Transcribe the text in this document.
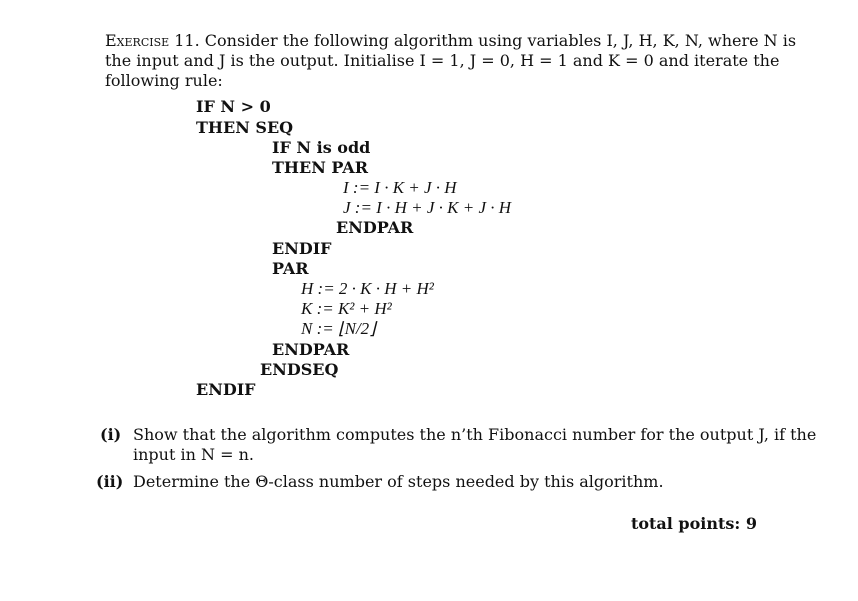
Exercise 11. Consider the following algorithm using variables I, J, H, K, N, where N is
the input and J is the output. Initialise I = 1, J = 0, H = 1 and K = 0 and iterate the
following rule:
IF N > 0
THEN SEQ
IF N is odd
THEN PAR
I := I · K + J · H
J := I · H + J · K + J · H
ENDPAR
ENDIF
PAR
H := 2 · K · H + H²
K := K² + H²
N := ⌊N/2⌋
ENDPAR
ENDSEQ
ENDIF
(i) Show that the algorithm computes the n’th Fibonacci number for the output J, if the
input in N = n.
(ii) Determine the Θ-class number of steps needed by this algorithm.
total points: 9
